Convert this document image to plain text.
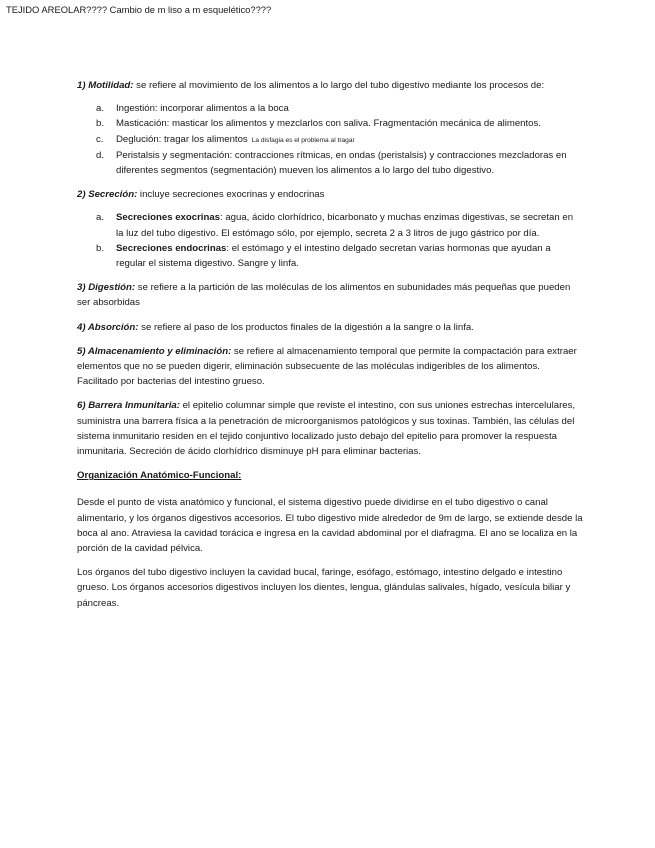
TEJIDO AREOLAR???? Cambio de m liso a m esquelético????

1) Motilidad: se refiere al movimiento de los alimentos a lo largo del tubo digestivo mediante los procesos de:

a. Ingestión: incorporar alimentos a la boca
b. Masticación: masticar los alimentos y mezclarlos con saliva. Fragmentación mecánica de alimentos.
c. Deglución: tragar los alimentos La disfagia es el problema al tragar
d. Peristalsis y segmentación: contracciones rítmicas, en ondas (peristalsis) y contracciones mezcladoras en diferentes segmentos (segmentación) mueven los alimentos a lo largo del tubo digestivo.

2) Secreción: incluye secreciones exocrinas y endocrinas

a. Secreciones exocrinas: agua, ácido clorhídrico, bicarbonato y muchas enzimas digestivas, se secretan en la luz del tubo digestivo. El estómago sólo, por ejemplo, secreta 2 a 3 litros de jugo gástrico por día.
b. Secreciones endocrinas: el estómago y el intestino delgado secretan varias hormonas que ayudan a regular el sistema digestivo. Sangre y linfa.

3) Digestión: se refiere a la partición de las moléculas de los alimentos en subunidades más pequeñas que pueden ser absorbidas

4) Absorción: se refiere al paso de los productos finales de la digestión a la sangre o la linfa.

5) Almacenamiento y eliminación: se refiere al almacenamiento temporal que permite la compactación para extraer elementos que no se pueden digerir, eliminación subsecuente de las moléculas indigeribles de los alimentos. Facilitado por bacterias del intestino grueso.

6) Barrera Inmunitaria: el epitelio columnar simple que reviste el intestino, con sus uniones estrechas intercelulares, suministra una barrera física a la penetración de microorganismos patológicos y sus toxinas. También, las células del sistema inmunitario residen en el tejido conjuntivo localizado justo debajo del epitelio para promover la respuesta inmunitaria. Secreción de ácido clorhídrico disminuye pH para eliminar bacterias.

Organización Anatómico-Funcional:

Desde el punto de vista anatómico y funcional, el sistema digestivo puede dividirse en el tubo digestivo o canal alimentario, y los órganos digestivos accesorios. El tubo digestivo mide alrededor de 9m de largo, se extiende desde la boca al ano. Atraviesa la cavidad torácica e ingresa en la cavidad abdominal por el diafragma. El ano se localiza en la porción de la cavidad pélvica.

Los órganos del tubo digestivo incluyen la cavidad bucal, faringe, esófago, estómago, intestino delgado e intestino grueso. Los órganos accesorios digestivos incluyen los dientes, lengua, glándulas salivales, hígado, vesícula biliar y páncreas.
